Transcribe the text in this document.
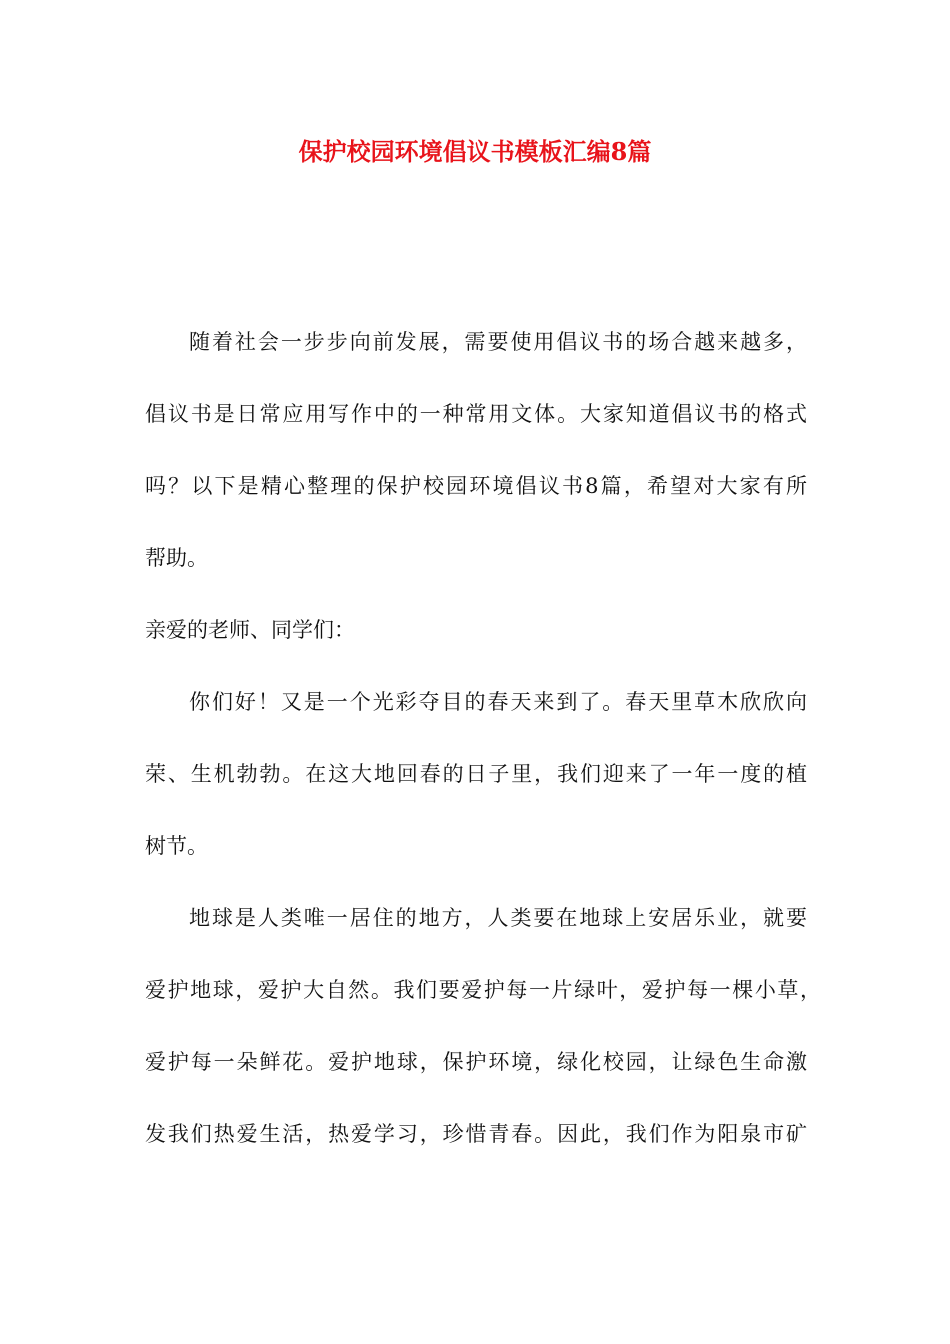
保护校园环境倡议书模板汇编8篇
随着社会一步步向前发展，需要使用倡议书的场合越来越多，
倡议书是日常应用写作中的一种常用文体。大家知道倡议书的格式
吗？以下是精心整理的保护校园环境倡议书8篇，希望对大家有所
帮助。
亲爱的老师、同学们：
你们好！又是一个光彩夺目的春天来到了。春天里草木欣欣向
荣、生机勃勃。在这大地回春的日子里，我们迎来了一年一度的植
树节。
地球是人类唯一居住的地方，人类要在地球上安居乐业，就要
爱护地球，爱护大自然。我们要爱护每一片绿叶，爱护每一棵小草，
爱护每一朵鲜花。爱护地球，保护环境，绿化校园，让绿色生命激
发我们热爱生活，热爱学习，珍惜青春。因此，我们作为阳泉市矿
